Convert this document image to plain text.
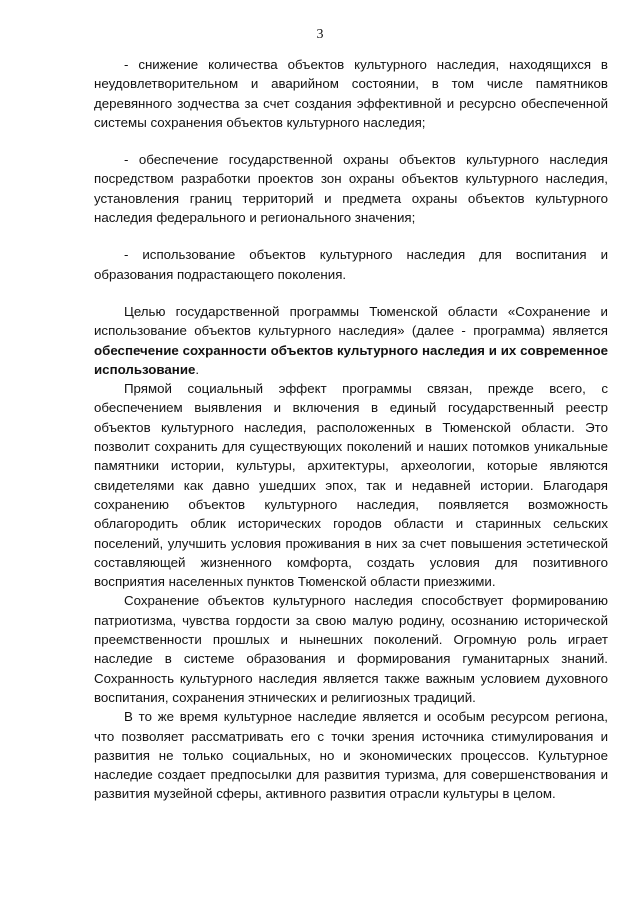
3

- снижение количества объектов культурного наследия, находящихся в неудовлетворительном и аварийном состоянии, в том числе памятников деревянного зодчества за счет создания эффективной и ресурсно обеспеченной системы сохранения объектов культурного наследия;

- обеспечение государственной охраны объектов культурного наследия посредством разработки проектов зон охраны объектов культурного наследия, установления границ территорий и предмета охраны объектов культурного наследия федерального и регионального значения;

- использование объектов культурного наследия для воспитания и образования подрастающего поколения.

Целью государственной программы Тюменской области «Сохранение и использование объектов культурного наследия» (далее - программа) является обеспечение сохранности объектов культурного наследия и их современное использование.

Прямой социальный эффект программы связан, прежде всего, с обеспечением выявления и включения в единый государственный реестр объектов культурного наследия, расположенных в Тюменской области. Это позволит сохранить для существующих поколений и наших потомков уникальные памятники истории, культуры, архитектуры, археологии, которые являются свидетелями как давно ушедших эпох, так и недавней истории. Благодаря сохранению объектов культурного наследия, появляется возможность облагородить облик исторических городов области и старинных сельских поселений, улучшить условия проживания в них за счет повышения эстетической составляющей жизненного комфорта, создать условия для позитивного восприятия населенных пунктов Тюменской области приезжими.

Сохранение объектов культурного наследия способствует формированию патриотизма, чувства гордости за свою малую родину, осознанию исторической преемственности прошлых и нынешних поколений. Огромную роль играет наследие в системе образования и формирования гуманитарных знаний. Сохранность культурного наследия является также важным условием духовного воспитания, сохранения этнических и религиозных традиций.

В то же время культурное наследие является и особым ресурсом региона, что позволяет рассматривать его с точки зрения источника стимулирования и развития не только социальных, но и экономических процессов. Культурное наследие создает предпосылки для развития туризма, для совершенствования и развития музейной сферы, активного развития отрасли культуры в целом.
